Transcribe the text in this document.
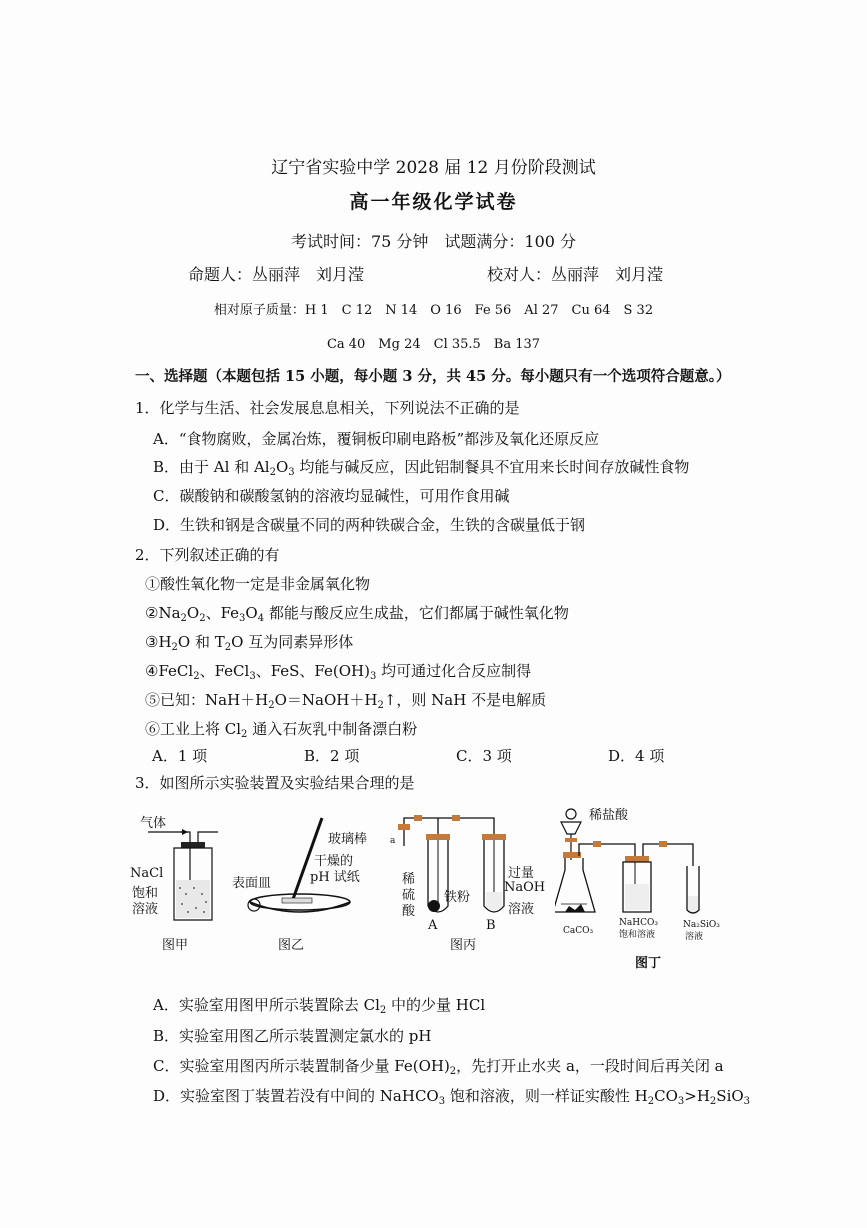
辽宁省实验中学 2028 届 12 月份阶段测试
高一年级化学试卷
考试时间：75 分钟　试题满分：100 分
命题人：丛丽萍　刘月滢	校对人：丛丽萍　刘月滢
相对原子质量：H 1　C 12　N 14　O 16　Fe 56　Al 27　Cu 64　S 32
Ca 40　Mg 24　Cl 35.5　Ba 137
一、选择题（本题包括 15 小题，每小题 3 分，共 45 分。每小题只有一个选项符合题意。）
1．化学与生活、社会发展息息相关，下列说法不正确的是
A．“食物腐败，金属冶炼，覆铜板印刷电路板”都涉及氧化还原反应
B．由于 Al 和 $Al_2O_3$ 均能与碱反应，因此铝制餐具不宜用来长时间存放碱性食物
C．碳酸钠和碳酸氢钠的溶液均显碱性，可用作食用碱
D．生铁和钢是含碳量不同的两种铁碳合金，生铁的含碳量低于钢
2．下列叙述正确的有
①酸性氧化物一定是非金属氧化物
$②Na_2O_2$、$Fe_3O_4$ 都能与酸反应生成盐，它们都属于碱性氧化物
$③H_2O$ 和 $T_2O$ 互为同素异形体
④FeCl$_2$、FeCl$_3$、FeS、$Fe(OH)_3$ 均可通过化合反应制得
⑤已知：$NaH+H_2O=NaOH+H_2↑$，则 NaH 不是电解质
⑥工业上将 $Cl_2$ 通入石灰乳中制备漂白粉
A．1 项	B．2 项	C．3 项	D．4 项
3．如图所示实验装置及实验结果合理的是
气体
NaCl
饱和
溶液
图甲
玻璃棒
干燥的
pH 试纸
表面皿
图乙
a
稀
硫
酸
铁粉
过量
NaOH
溶液
A	B
图丙
稀盐酸
CaCO₃
NaHCO₃
饱和溶液
Na₂SiO₃
溶液
图丁
A．实验室用图甲所示装置除去 $Cl_2$ 中的少量 HCl
B．实验室用图乙所示装置测定氯水的 pH
C．实验室用图丙所示装置制备少量 $Fe(OH)_2$，先打开止水夹 a，一段时间后再关闭 a
D．实验室图丁装置若没有中间的 NaHCO$_3$ 饱和溶液，则一样证实酸性 $H_2CO_3>H_2SiO_3$
